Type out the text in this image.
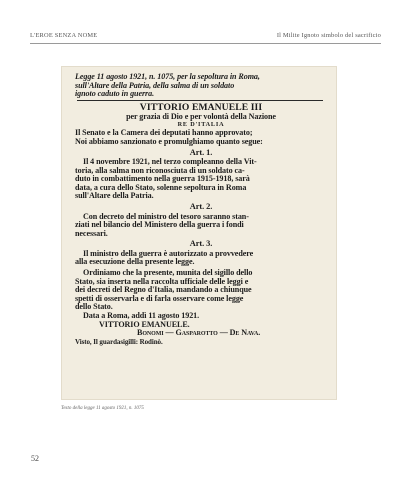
L'EROE SENZA NOME	Il Milite Ignoto simbolo del sacrificio
Legge 11 agosto 1921, n. 1075, per la sepoltura in Roma,
sull'Altare della Patria, della salma di un soldato
ignoto caduto in guerra.
VITTORIO EMANUELE III
per grazia di Dio e per volontà della Nazione
RE D'ITALIA
Il Senato e la Camera dei deputati hanno approvato;
Noi abbiamo sanzionato e promulghiamo quanto segue:
Art. 1.
Il 4 novembre 1921, nel terzo compleanno della Vit-
toria, alla salma non riconosciuta di un soldato ca-
duto in combattimento nella guerra 1915-1918, sarà
data, a cura dello Stato, solenne sepoltura in Roma
sull'Altare della Patria.
Art. 2.
Con decreto del ministro del tesoro saranno stan-
ziati nel bilancio del Ministero della guerra i fondi
necessari.
Art. 3.
Il ministro della guerra è autorizzato a provvedere
alla esecuzione della presente legge.
Ordiniamo che la presente, munita del sigillo dello
Stato, sia inserta nella raccolta ufficiale delle leggi e
dei decreti del Regno d'Italia, mandando a chiunque
spetti di osservarla e di farla osservare come legge
dello Stato.
Data a Roma, addì 11 agosto 1921.
VITTORIO EMANUELE.
Bonomi — Gasparotto — De Nava.
Visto, Il guardasigilli: Rodinò.
Testo della legge 11 agosto 1921, n. 1075
52
